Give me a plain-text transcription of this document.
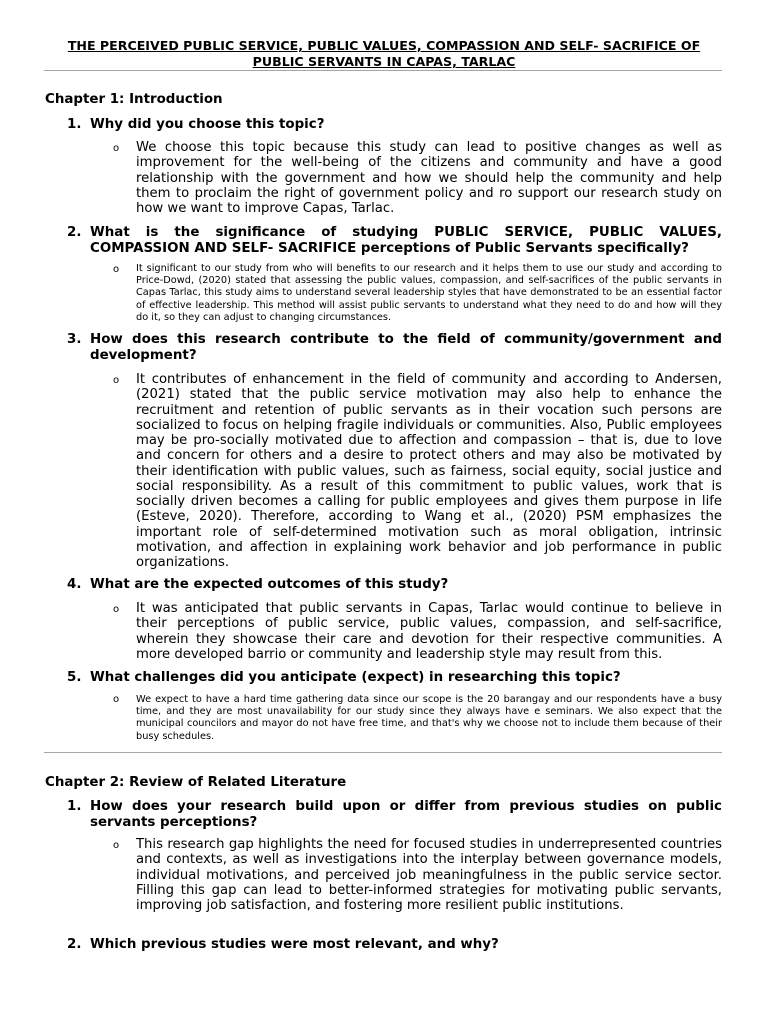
THE PERCEIVED PUBLIC SERVICE, PUBLIC VALUES, COMPASSION AND SELF- SACRIFICE OF PUBLIC SERVANTS IN CAPAS, TARLAC
Chapter 1: Introduction
1. Why did you choose this topic?
o We choose this topic because this study can lead to positive changes as well as improvement for the well-being of the citizens and community and have a good relationship with the government and how we should help the community and help them to proclaim the right of government policy and ro support our research study on how we want to improve Capas, Tarlac.
2. What is the significance of studying PUBLIC SERVICE, PUBLIC VALUES, COMPASSION AND SELF- SACRIFICE perceptions of Public Servants specifically?
o It significant to our study from who will benefits to our research and it helps them to use our study and according to Price-Dowd, (2020) stated that assessing the public values, compassion, and self-sacrifices of the public servants in Capas Tarlac, this study aims to understand several leadership styles that have demonstrated to be an essential factor of effective leadership. This method will assist public servants to understand what they need to do and how will they do it, so they can adjust to changing circumstances.
3. How does this research contribute to the field of community/government and development?
o It contributes of enhancement in the field of community and according to Andersen, (2021) stated that the public service motivation may also help to enhance the recruitment and retention of public servants as in their vocation such persons are socialized to focus on helping fragile individuals or communities. Also, Public employees may be pro-socially motivated due to affection and compassion – that is, due to love and concern for others and a desire to protect others and may also be motivated by their identification with public values, such as fairness, social equity, social justice and social responsibility. As a result of this commitment to public values, work that is socially driven becomes a calling for public employees and gives them purpose in life (Esteve, 2020). Therefore, according to Wang et al., (2020) PSM emphasizes the important role of self-determined motivation such as moral obligation, intrinsic motivation, and affection in explaining work behavior and job performance in public organizations.
4. What are the expected outcomes of this study?
o It was anticipated that public servants in Capas, Tarlac would continue to believe in their perceptions of public service, public values, compassion, and self-sacrifice, wherein they showcase their care and devotion for their respective communities. A more developed barrio or community and leadership style may result from this.
5. What challenges did you anticipate (expect) in researching this topic?
o We expect to have a hard time gathering data since our scope is the 20 barangay and our respondents have a busy time, and they are most unavailability for our study since they always have e seminars. We also expect that the municipal councilors and mayor do not have free time, and that's why we choose not to include them because of their busy schedules.
Chapter 2: Review of Related Literature
1. How does your research build upon or differ from previous studies on public servants perceptions?
o This research gap highlights the need for focused studies in underrepresented countries and contexts, as well as investigations into the interplay between governance models, individual motivations, and perceived job meaningfulness in the public service sector. Filling this gap can lead to better-informed strategies for motivating public servants, improving job satisfaction, and fostering more resilient public institutions.
2. Which previous studies were most relevant, and why?
